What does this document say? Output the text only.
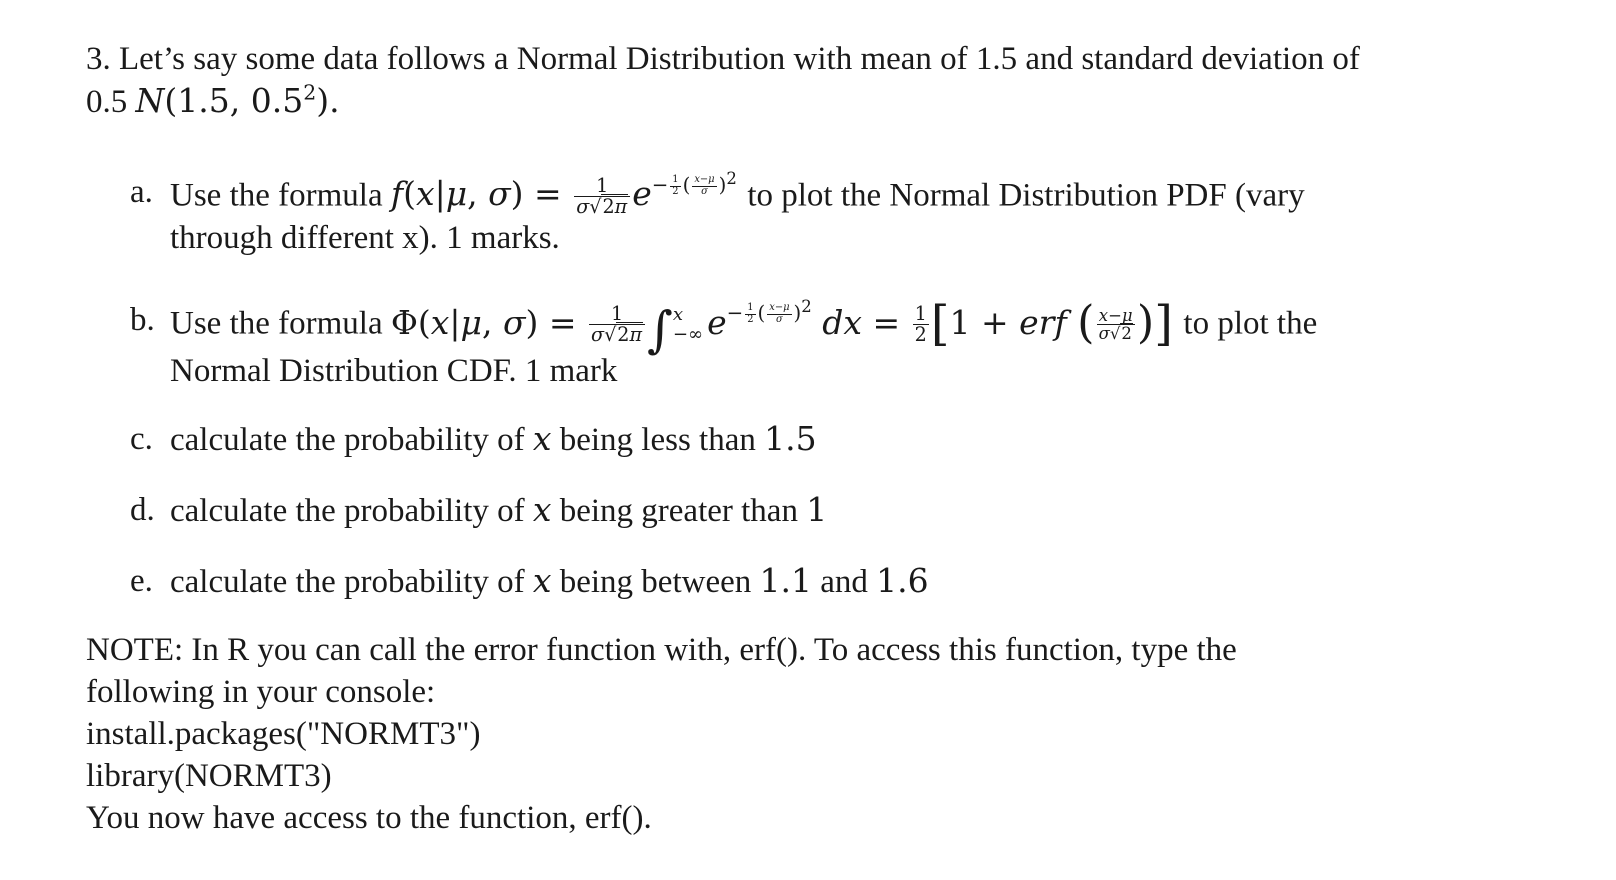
3. Let’s say some data follows a Normal Distribution with mean of 1.5 and standard deviation of
0.5 N(1.5, $0.5^2$).
a. Use the formula f(x|μ, $\sigma) = \frac{1}{\sigma√2\pi} e- \frac{1}{2}$ ( $\frac{x-\mu}{\sigma} )^2$ to plot the Normal Distribution PDF (vary
through different x). 1 marks.
b. Use the formula Φ(x|μ, $\sigma) = \frac{1}{\sigma√2\pi}$ ∫ x
−∞ $e- \frac{1}{2}$ ( $\frac{x-\mu}{\sigma} )^2$ dx = $\frac{1}{2} [1$ + erf ( $\frac{x-\mu}{\sigma√2}$ )] to plot the
Normal Distribution CDF. 1 mark
c. calculate the probability of x being less than 1.5
d. calculate the probability of x being greater than 1
e. calculate the probability of x being between 1.1 and 1.6
NOTE: In R you can call the error function with, erf(). To access this function, type the
following in your console:
install.packages("NORMT3")
library(NORMT3)
You now have access to the function, erf().
